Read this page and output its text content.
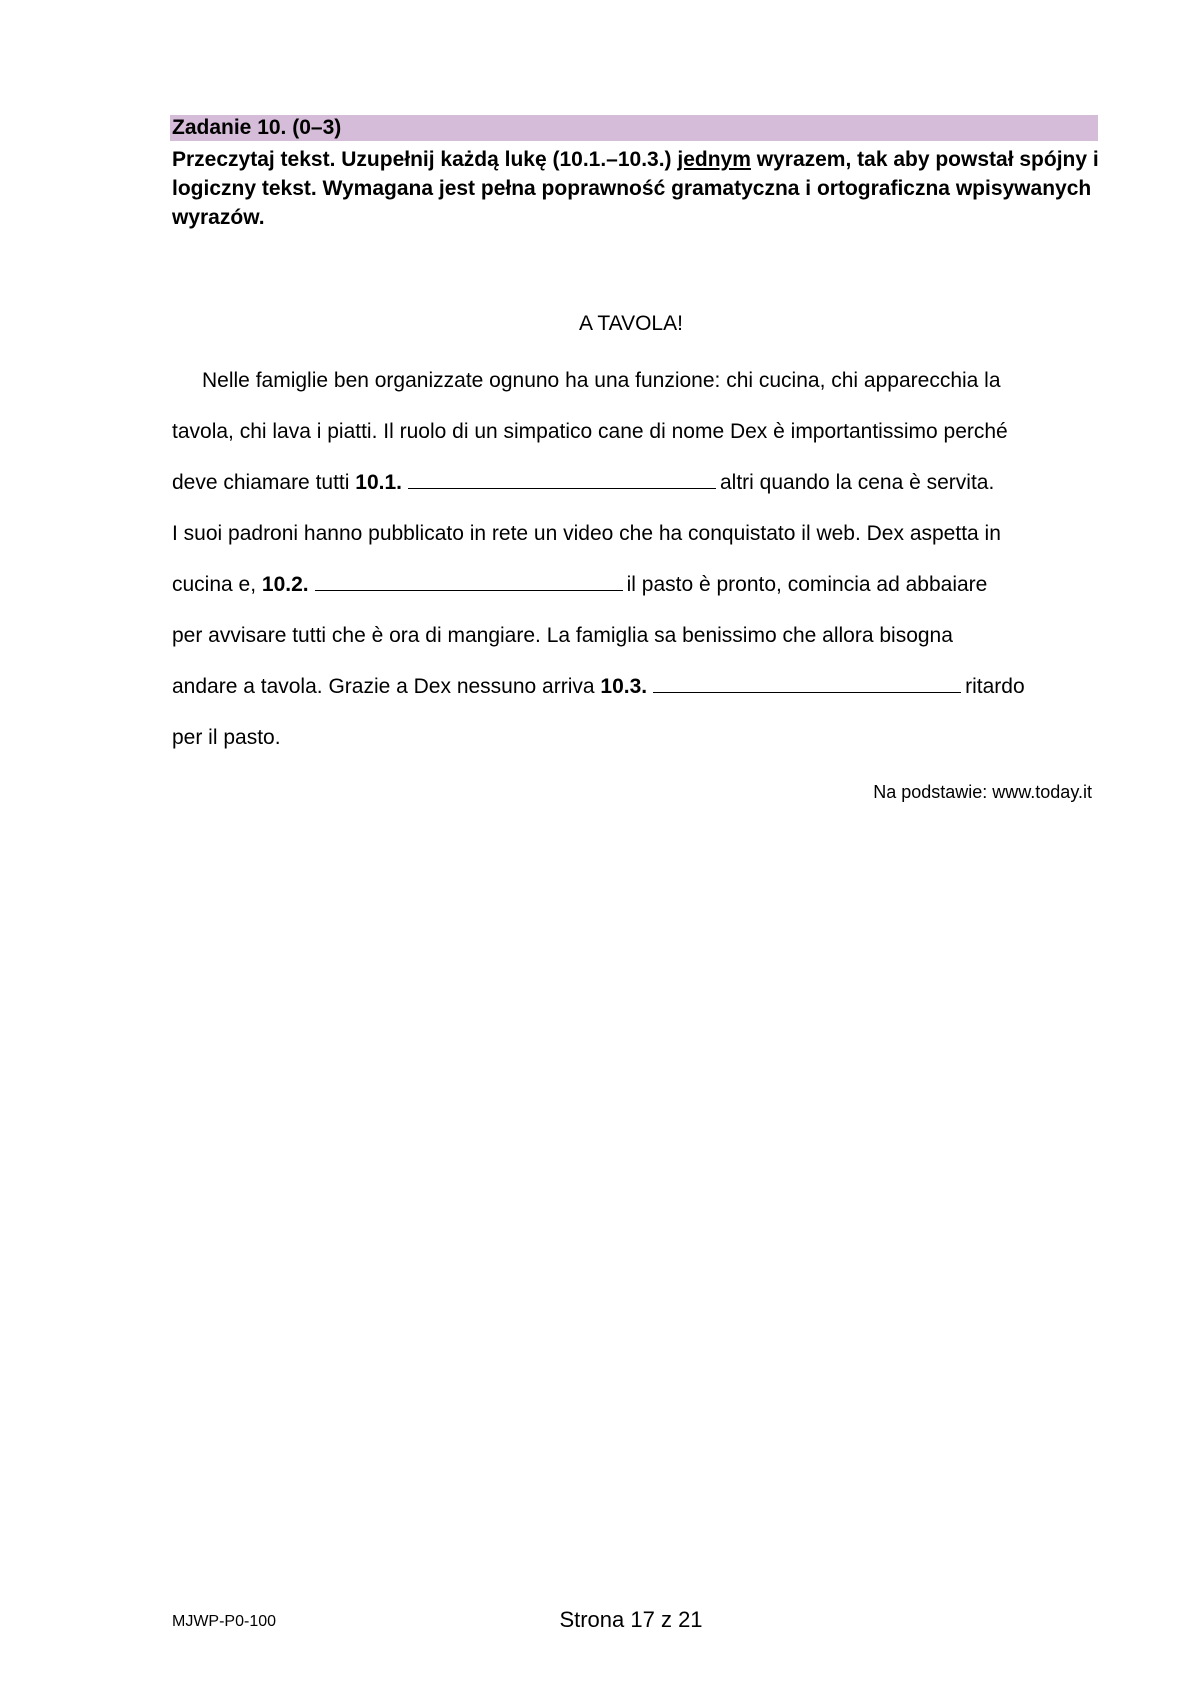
Zadanie 10. (0–3)
Przeczytaj tekst. Uzupełnij każdą lukę (10.1.–10.3.) jednym wyrazem, tak aby powstał spójny i logiczny tekst. Wymagana jest pełna poprawność gramatyczna i ortograficzna wpisywanych wyrazów.
A TAVOLA!
Nelle famiglie ben organizzate ognuno ha una funzione: chi cucina, chi apparecchia la
tavola, chi lava i piatti. Il ruolo di un simpatico cane di nome Dex è importantissimo perché
deve chiamare tutti 10.1.	altri quando la cena è servita.
I suoi padroni hanno pubblicato in rete un video che ha conquistato il web. Dex aspetta in
cucina e, 10.2.	il pasto è pronto, comincia ad abbaiare
per avvisare tutti che è ora di mangiare. La famiglia sa benissimo che allora bisogna
andare a tavola. Grazie a Dex nessuno arriva 10.3.	ritardo
per il pasto.
Na podstawie: www.today.it
MJWP-P0-100	Strona 17 z 21
